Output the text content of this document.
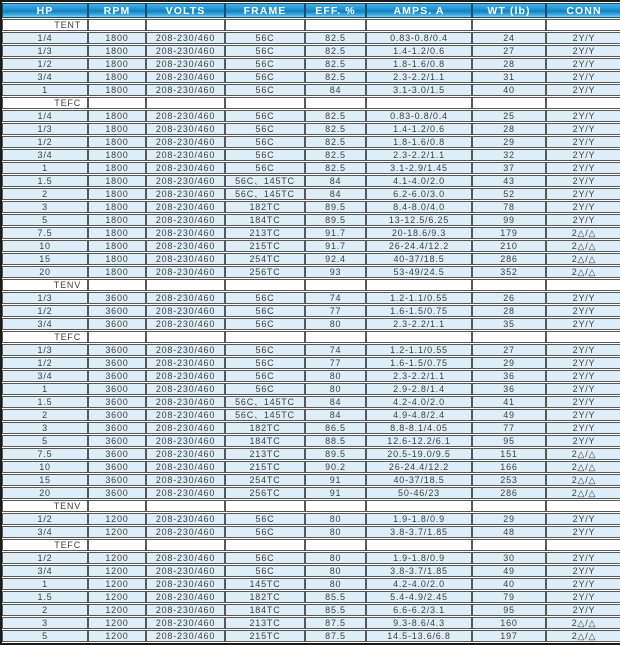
HP	RPM	VOLTS	FRAME	EFF. %	AMPS. A	WT (lb)	CONN
TENT							
1/4	1800	208-230/460	56C	82.5	0.83-0.8/0.4	24	2Y/Y
1/3	1800	208-230/460	56C	82.5	1.4-1.2/0.6	27	2Y/Y
1/2	1800	208-230/460	56C	82.5	1.8-1.6/0.8	28	2Y/Y
3/4	1800	208-230/460	56C	82.5	2.3-2.2/1.1	31	2Y/Y
1	1800	208-230/460	56C	84	3.1-3.0/1.5	40	2Y/Y
TEFC							
1/4	1800	208-230/460	56C	82.5	0.83-0.8/0.4	25	2Y/Y
1/3	1800	208-230/460	56C	82.5	1.4-1.2/0.6	28	2Y/Y
1/2	1800	208-230/460	56C	82.5	1.8-1.6/0.8	29	2Y/Y
3/4	1800	208-230/460	56C	82.5	2.3-2.2/1.1	32	2Y/Y
1	1800	208-230/460	56C	82.5	3.1-2.9/1.45	37	2Y/Y
1.5	1800	208-230/460	56C、145TC	84	4.1-4.0/2.0	43	2Y/Y
2	1800	208-230/460	56C、145TC	84	6.2-6.0/3.0	52	2Y/Y
3	1800	208-230/460	182TC	89.5	8.4-8.0/4.0	78	2Y/Y
5	1800	208-230/460	184TC	89.5	13-12.5/6.25	99	2Y/Y
7.5	1800	208-230/460	213TC	91.7	20-18.6/9.3	179	2△/△
10	1800	208-230/460	215TC	91.7	26-24.4/12.2	210	2△/△
15	1800	208-230/460	254TC	92.4	40-37/18.5	286	2△/△
20	1800	208-230/460	256TC	93	53-49/24.5	352	2△/△
TENV							
1/3	3600	208-230/460	56C	74	1.2-1.1/0.55	26	2Y/Y
1/2	3600	208-230/460	56C	77	1.6-1.5/0.75	28	2Y/Y
3/4	3600	208-230/460	56C	80	2.3-2.2/1.1	35	2Y/Y
TEFC							
1/3	3600	208-230/460	56C	74	1.2-1.1/0.55	27	2Y/Y
1/2	3600	208-230/460	56C	77	1.6-1.5/0.75	29	2Y/Y
3/4	3600	208-230/460	56C	80	2.3-2.2/1.1	36	2Y/Y
1	3600	208-230/460	56C	80	2.9-2.8/1.4	36	2Y/Y
1.5	3600	208-230/460	56C、145TC	84	4.2-4.0/2.0	41	2Y/Y
2	3600	208-230/460	56C、145TC	84	4.9-4.8/2.4	49	2Y/Y
3	3600	208-230/460	182TC	86.5	8.8-8.1/4.05	77	2Y/Y
5	3600	208-230/460	184TC	88.5	12.6-12.2/6.1	95	2Y/Y
7.5	3600	208-230/460	213TC	89.5	20.5-19.0/9.5	151	2△/△
10	3600	208-230/460	215TC	90.2	26-24.4/12.2	166	2△/△
15	3600	208-230/460	254TC	91	40-37/18.5	253	2△/△
20	3600	208-230/460	256TC	91	50-46/23	286	2△/△
TENV							
1/2	1200	208-230/460	56C	80	1.9-1.8/0.9	29	2Y/Y
3/4	1200	208-230/460	56C	80	3.8-3.7/1.85	48	2Y/Y
TEFC							
1/2	1200	208-230/460	56C	80	1.9-1.8/0.9	30	2Y/Y
3/4	1200	208-230/460	56C	80	3.8-3.7/1.85	49	2Y/Y
1	1200	208-230/460	145TC	80	4.2-4.0/2.0	40	2Y/Y
1.5	1200	208-230/460	182TC	85.5	5.4-4.9/2.45	79	2Y/Y
2	1200	208-230/460	184TC	85.5	6.6-6.2/3.1	95	2Y/Y
3	1200	208-230/460	213TC	87.5	9.3-8.6/4.3	160	2△/△
5	1200	208-230/460	215TC	87.5	14.5-13.6/6.8	197	2△/△
